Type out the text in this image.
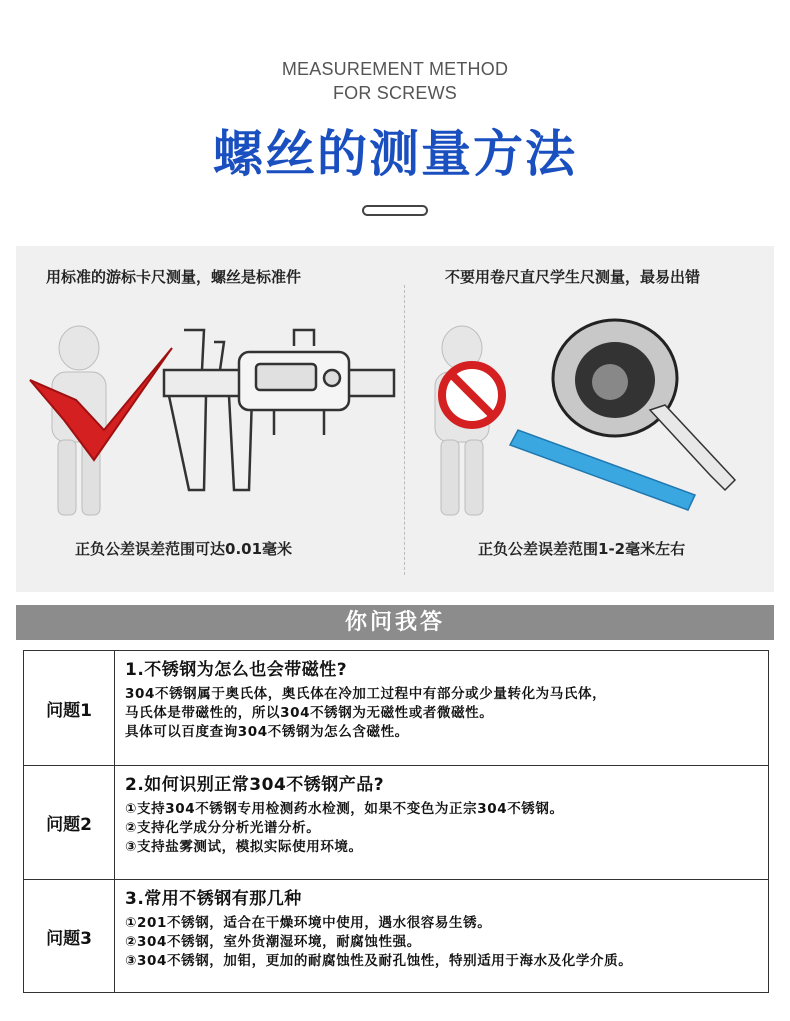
MEASUREMENT METHOD
FOR SCREWS
螺丝的测量方法
用标准的游标卡尺测量，螺丝是标准件	不要用卷尺直尺学生尺测量，最易出错
正负公差误差范围可达0.01毫米	正负公差误差范围1-2毫米左右
你问我答
问题1	1.不锈钢为怎么也会带磁性?
304不锈钢属于奥氏体，奥氏体在冷加工过程中有部分或少量转化为马氏体，
马氏体是带磁性的，所以304不锈钢为无磁性或者微磁性。
具体可以百度查询304不锈钢为怎么含磁性。

问题2	2.如何识别正常304不锈钢产品?
①支持304不锈钢专用检测药水检测，如果不变色为正宗304不锈钢。
②支持化学成分分析光谱分析。
③支持盐雾测试，模拟实际使用环境。

问题3	3.常用不锈钢有那几种
①201不锈钢，适合在干燥环境中使用，遇水很容易生锈。
②304不锈钢，室外货潮湿环境，耐腐蚀性强。
③304不锈钢，加钼，更加的耐腐蚀性及耐孔蚀性，特别适用于海水及化学介质。
